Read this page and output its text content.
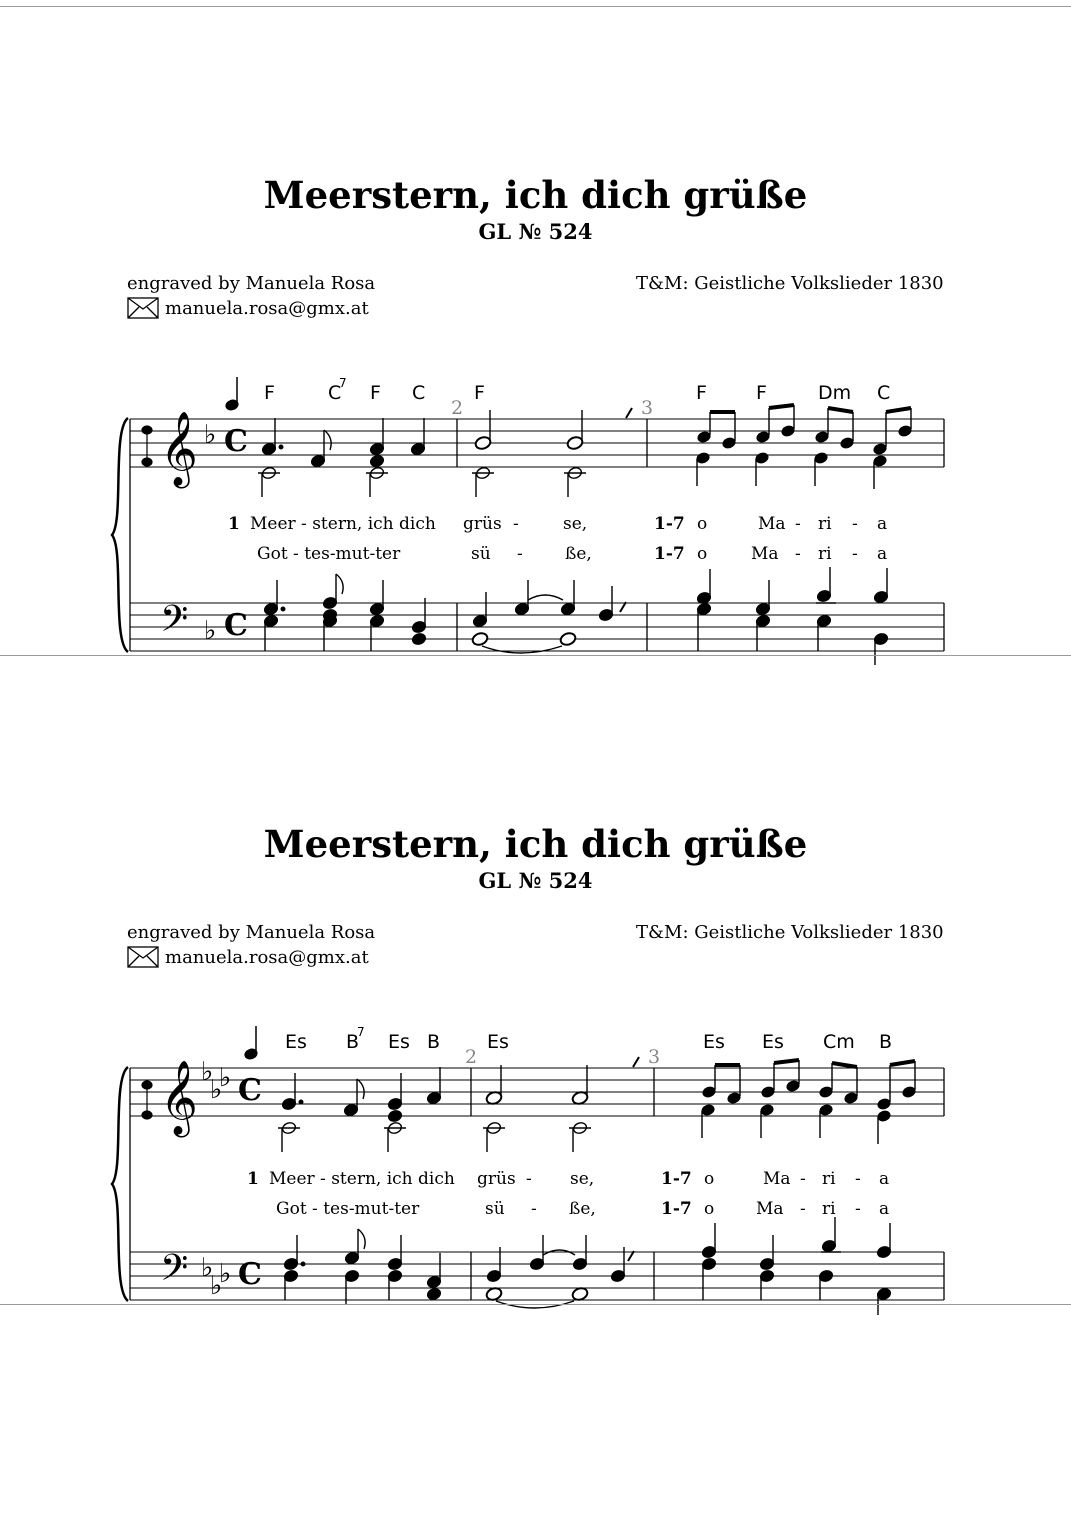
Meerstern, ich dich grüße
GL № 524
engraved by Manuela Rosa	T&M: Geistliche Volkslieder 1830
manuela.rosa@gmx.at
𝄞
𝄢
♭
♭
C
C
F	C
7 F C	F	F	F	Dm C
2	3
1 Meer - stern, ich dich grüs -	se,	1-7 o	Ma - ri - a
Got - tes-mut-ter	sü - ße,	1-7 o	Ma - ri - a
Meerstern, ich dich grüße
GL № 524
engraved by Manuela Rosa	T&M: Geistliche Volkslieder 1830
manuela.rosa@gmx.at
𝄞
𝄢
♭
♭
♭
♭
♭
♭
C
C
Es B
7 Es B Es	Es Es Cm B
2	3
1 Meer - stern, ich dich grüs - se,	1-7 o	Ma - ri - a
Got - tes-mut-ter	sü - ße,	1-7 o Ma - ri - a
